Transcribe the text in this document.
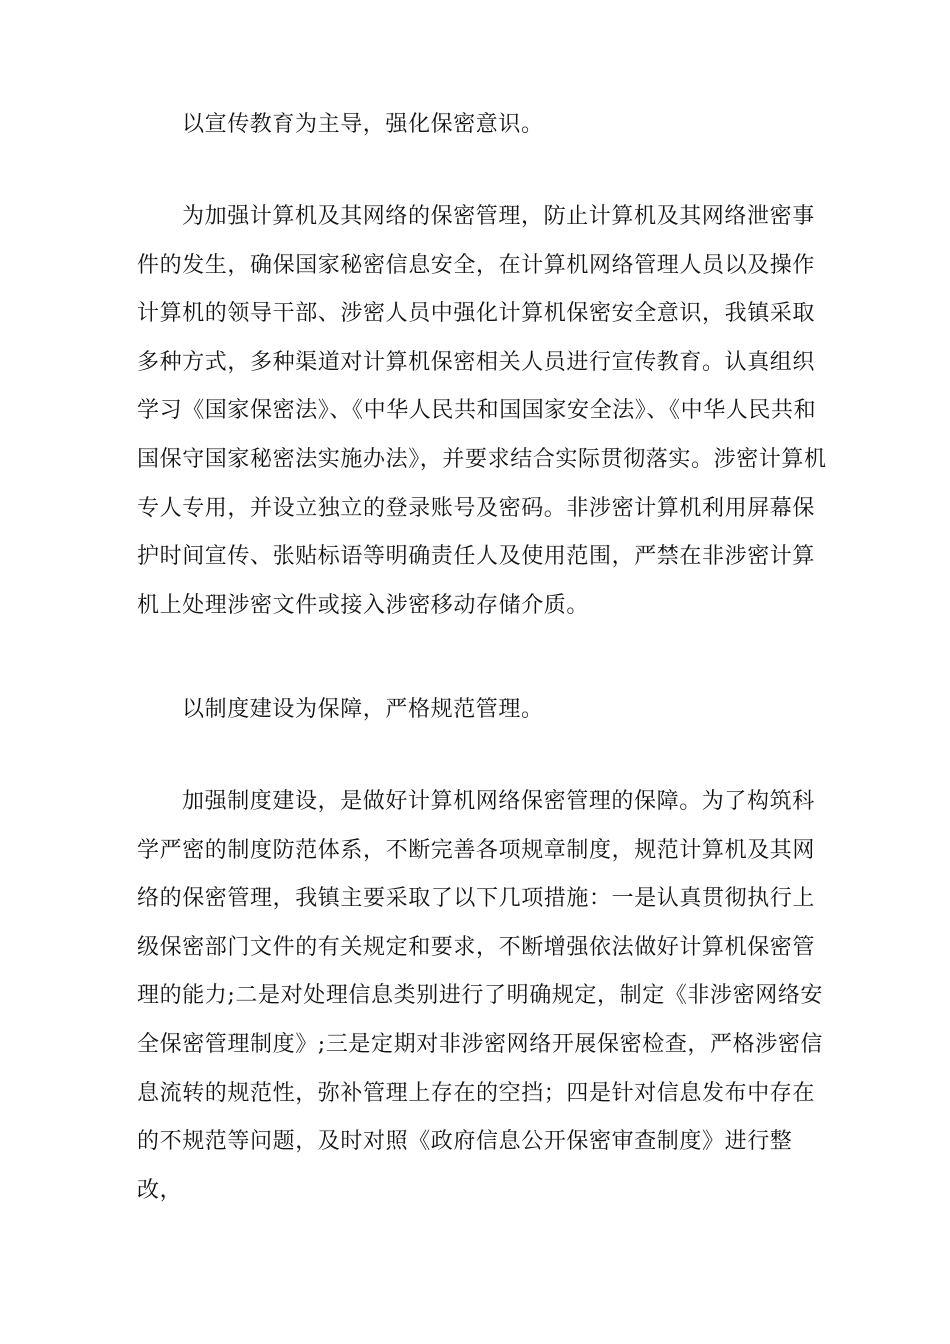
以宣传教育为主导，强化保密意识。

为加强计算机及其网络的保密管理，防止计算机及其网络泄密事件的发生，确保国家秘密信息安全，在计算机网络管理人员以及操作计算机的领导干部、涉密人员中强化计算机保密安全意识，我镇采取多种方式，多种渠道对计算机保密相关人员进行宣传教育。认真组织学习《国家保密法》、《中华人民共和国国家安全法》、《中华人民共和国保守国家秘密法实施办法》，并要求结合实际贯彻落实。涉密计算机专人专用，并设立独立的登录账号及密码。非涉密计算机利用屏幕保护时间宣传、张贴标语等明确责任人及使用范围，严禁在非涉密计算机上处理涉密文件或接入涉密移动存储介质。

以制度建设为保障，严格规范管理。

加强制度建设，是做好计算机网络保密管理的保障。为了构筑科学严密的制度防范体系，不断完善各项规章制度，规范计算机及其网络的保密管理，我镇主要采取了以下几项措施：一是认真贯彻执行上级保密部门文件的有关规定和要求，不断增强依法做好计算机保密管理的能力;二是对处理信息类别进行了明确规定，制定《非涉密网络安全保密管理制度》;三是定期对非涉密网络开展保密检查，严格涉密信息流转的规范性，弥补管理上存在的空挡；四是针对信息发布中存在的不规范等问题，及时对照《政府信息公开保密审查制度》进行整改，
